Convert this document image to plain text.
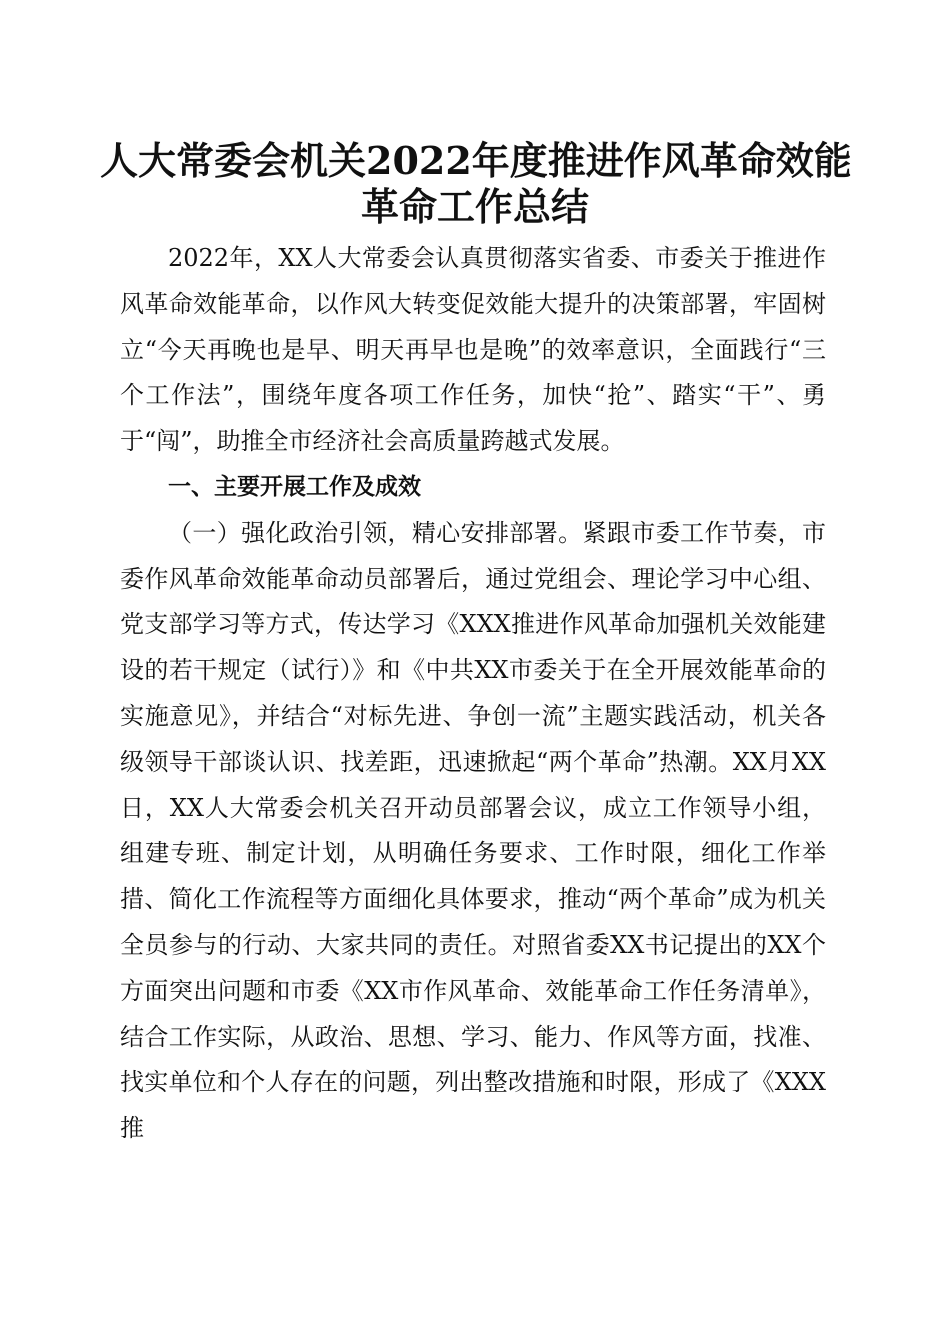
人大常委会机关2022年度推进作风革命效能
革命工作总结

2022年，XX人大常委会认真贯彻落实省委、市委关于推进作风革命效能革命，以作风大转变促效能大提升的决策部署，牢固树立“今天再晚也是早、明天再早也是晚”的效率意识，全面践行“三个工作法”，围绕年度各项工作任务，加快“抢”、踏实“干”、勇于“闯”，助推全市经济社会高质量跨越式发展。

一、主要开展工作及成效

（一）强化政治引领，精心安排部署。紧跟市委工作节奏，市委作风革命效能革命动员部署后，通过党组会、理论学习中心组、党支部学习等方式，传达学习《XXX推进作风革命加强机关效能建设的若干规定（试行）》和《中共XX市委关于在全开展效能革命的实施意见》，并结合“对标先进、争创一流”主题实践活动，机关各级领导干部谈认识、找差距，迅速掀起“两个革命”热潮。XX月XX日，XX人大常委会机关召开动员部署会议，成立工作领导小组，组建专班、制定计划，从明确任务要求、工作时限，细化工作举措、简化工作流程等方面细化具体要求，推动“两个革命”成为机关全员参与的行动、大家共同的责任。对照省委XX书记提出的XX个方面突出问题和市委《XX市作风革命、效能革命工作任务清单》，结合工作实际，从政治、思想、学习、能力、作风等方面，找准、找实单位和个人存在的问题，列出整改措施和时限，形成了《XXX推
